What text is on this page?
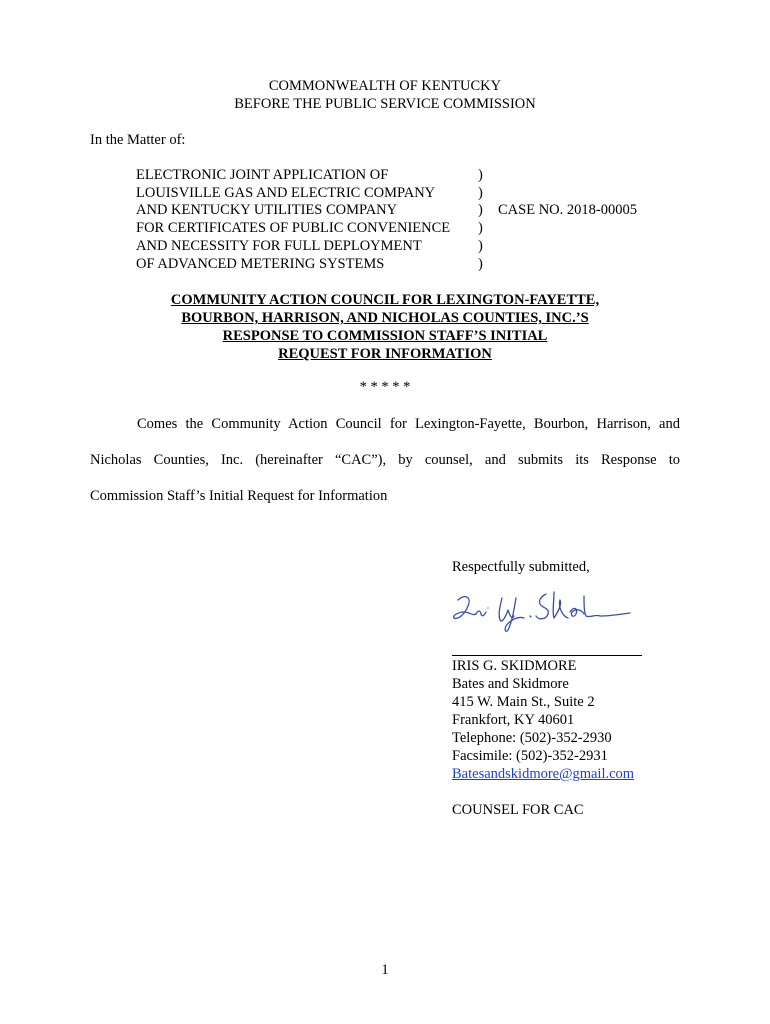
COMMONWEALTH OF KENTUCKY
BEFORE THE PUBLIC SERVICE COMMISSION
In the Matter of:
ELECTRONIC JOINT APPLICATION OF
LOUISVILLE GAS AND ELECTRIC COMPANY
AND KENTUCKY UTILITIES COMPANY
FOR CERTIFICATES OF PUBLIC CONVENIENCE
AND NECESSITY FOR FULL DEPLOYMENT
OF ADVANCED METERING SYSTEMS
)
)
)
)
)
)
CASE NO. 2018-00005
COMMUNITY ACTION COUNCIL FOR LEXINGTON-FAYETTE,
BOURBON, HARRISON, AND NICHOLAS COUNTIES, INC.’S
RESPONSE TO COMMISSION STAFF’S INITIAL
REQUEST FOR INFORMATION
* * * * *
Comes the Community Action Council for Lexington-Fayette, Bourbon, Harrison, and
Nicholas Counties, Inc. (hereinafter “CAC”), by counsel, and submits its Response to
Commission Staff’s Initial Request for Information
Respectfully submitted,
IRIS G. SKIDMORE
Bates and Skidmore
415 W. Main St., Suite 2
Frankfort, KY 40601
Telephone: (502)-352-2930
Facsimile: (502)-352-2931
Batesandskidmore@gmail.com
COUNSEL FOR CAC
1
